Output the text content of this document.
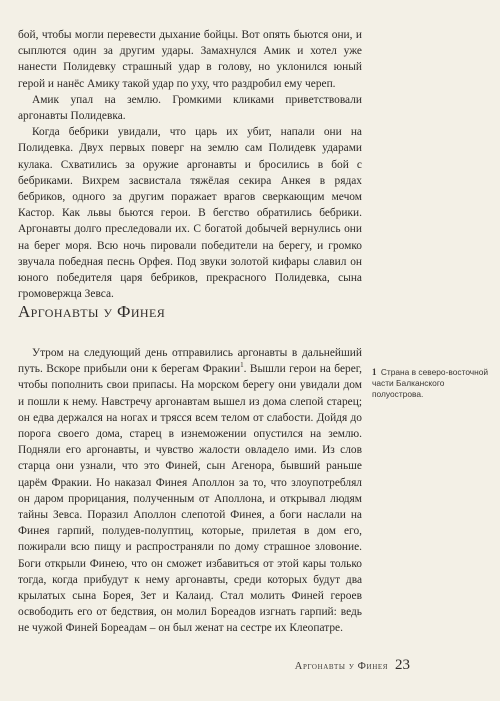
бой, чтобы могли перевести дыхание бойцы. Вот опять бьются они, и сыплются один за другим удары. Замахнулся Амик и хотел уже нанести Полидевку страшный удар в голову, но уклонился юный герой и нанёс Амику такой удар по уху, что раздробил ему череп.

Амик упал на землю. Громкими кликами приветствовали аргонавты Полидевка.

Когда бебрики увидали, что царь их убит, напали они на Полидевка. Двух первых поверг на землю сам Полидевк ударами кулака. Схватились за оружие аргонавты и бросились в бой с бебриками. Вихрем засвистала тяжёлая секира Анкея в рядах бебриков, одного за другим поражает врагов сверкающим мечом Кастор. Как львы бьются герои. В бегство обратились бебрики. Аргонавты долго преследовали их. С богатой добычей вернулись они на берег моря. Всю ночь пировали победители на берегу, и громко звучала победная песнь Орфея. Под звуки золотой кифары славил он юного победителя царя бебриков, прекрасного Полидевка, сына громовержца Зевса.

Аргонавты у Финея

Утром на следующий день отправились аргонавты в дальнейший путь. Вскоре прибыли они к берегам Фракии$^1$. Вышли герои на берег, чтобы пополнить свои припасы. На морском берегу они увидали дом и пошли к нему. Навстречу аргонавтам вышел из дома слепой старец; он едва держался на ногах и трясся всем телом от слабости. Дойдя до порога своего дома, старец в изнеможении опустился на землю. Подняли его аргонавты, и чувство жалости овладело ими. Из слов старца они узнали, что это Финей, сын Агенора, бывший раньше царём Фракии. Но наказал Финея Аполлон за то, что злоупотреблял он даром прорицания, полученным от Аполлона, и открывал людям тайны Зевса. Поразил Аполлон слепотой Финея, а боги наслали на Финея гарпий, полудев-полуптиц, которые, прилетая в дом его, пожирали всю пищу и распространяли по дому страшное зловоние. Боги открыли Финею, что он сможет избавиться от этой кары только тогда, когда прибудут к нему аргонавты, среди которых будут два крылатых сына Борея, Зет и Калаид. Стал молить Финей героев освободить его от бедствия, он молил Бореадов изгнать гарпий: ведь не чужой Финей Бореадам – он был женат на сестре их Клеопатре.

1 Страна в северо-восточной части Балканского полуострова.
Аргонавты у Финея 23
